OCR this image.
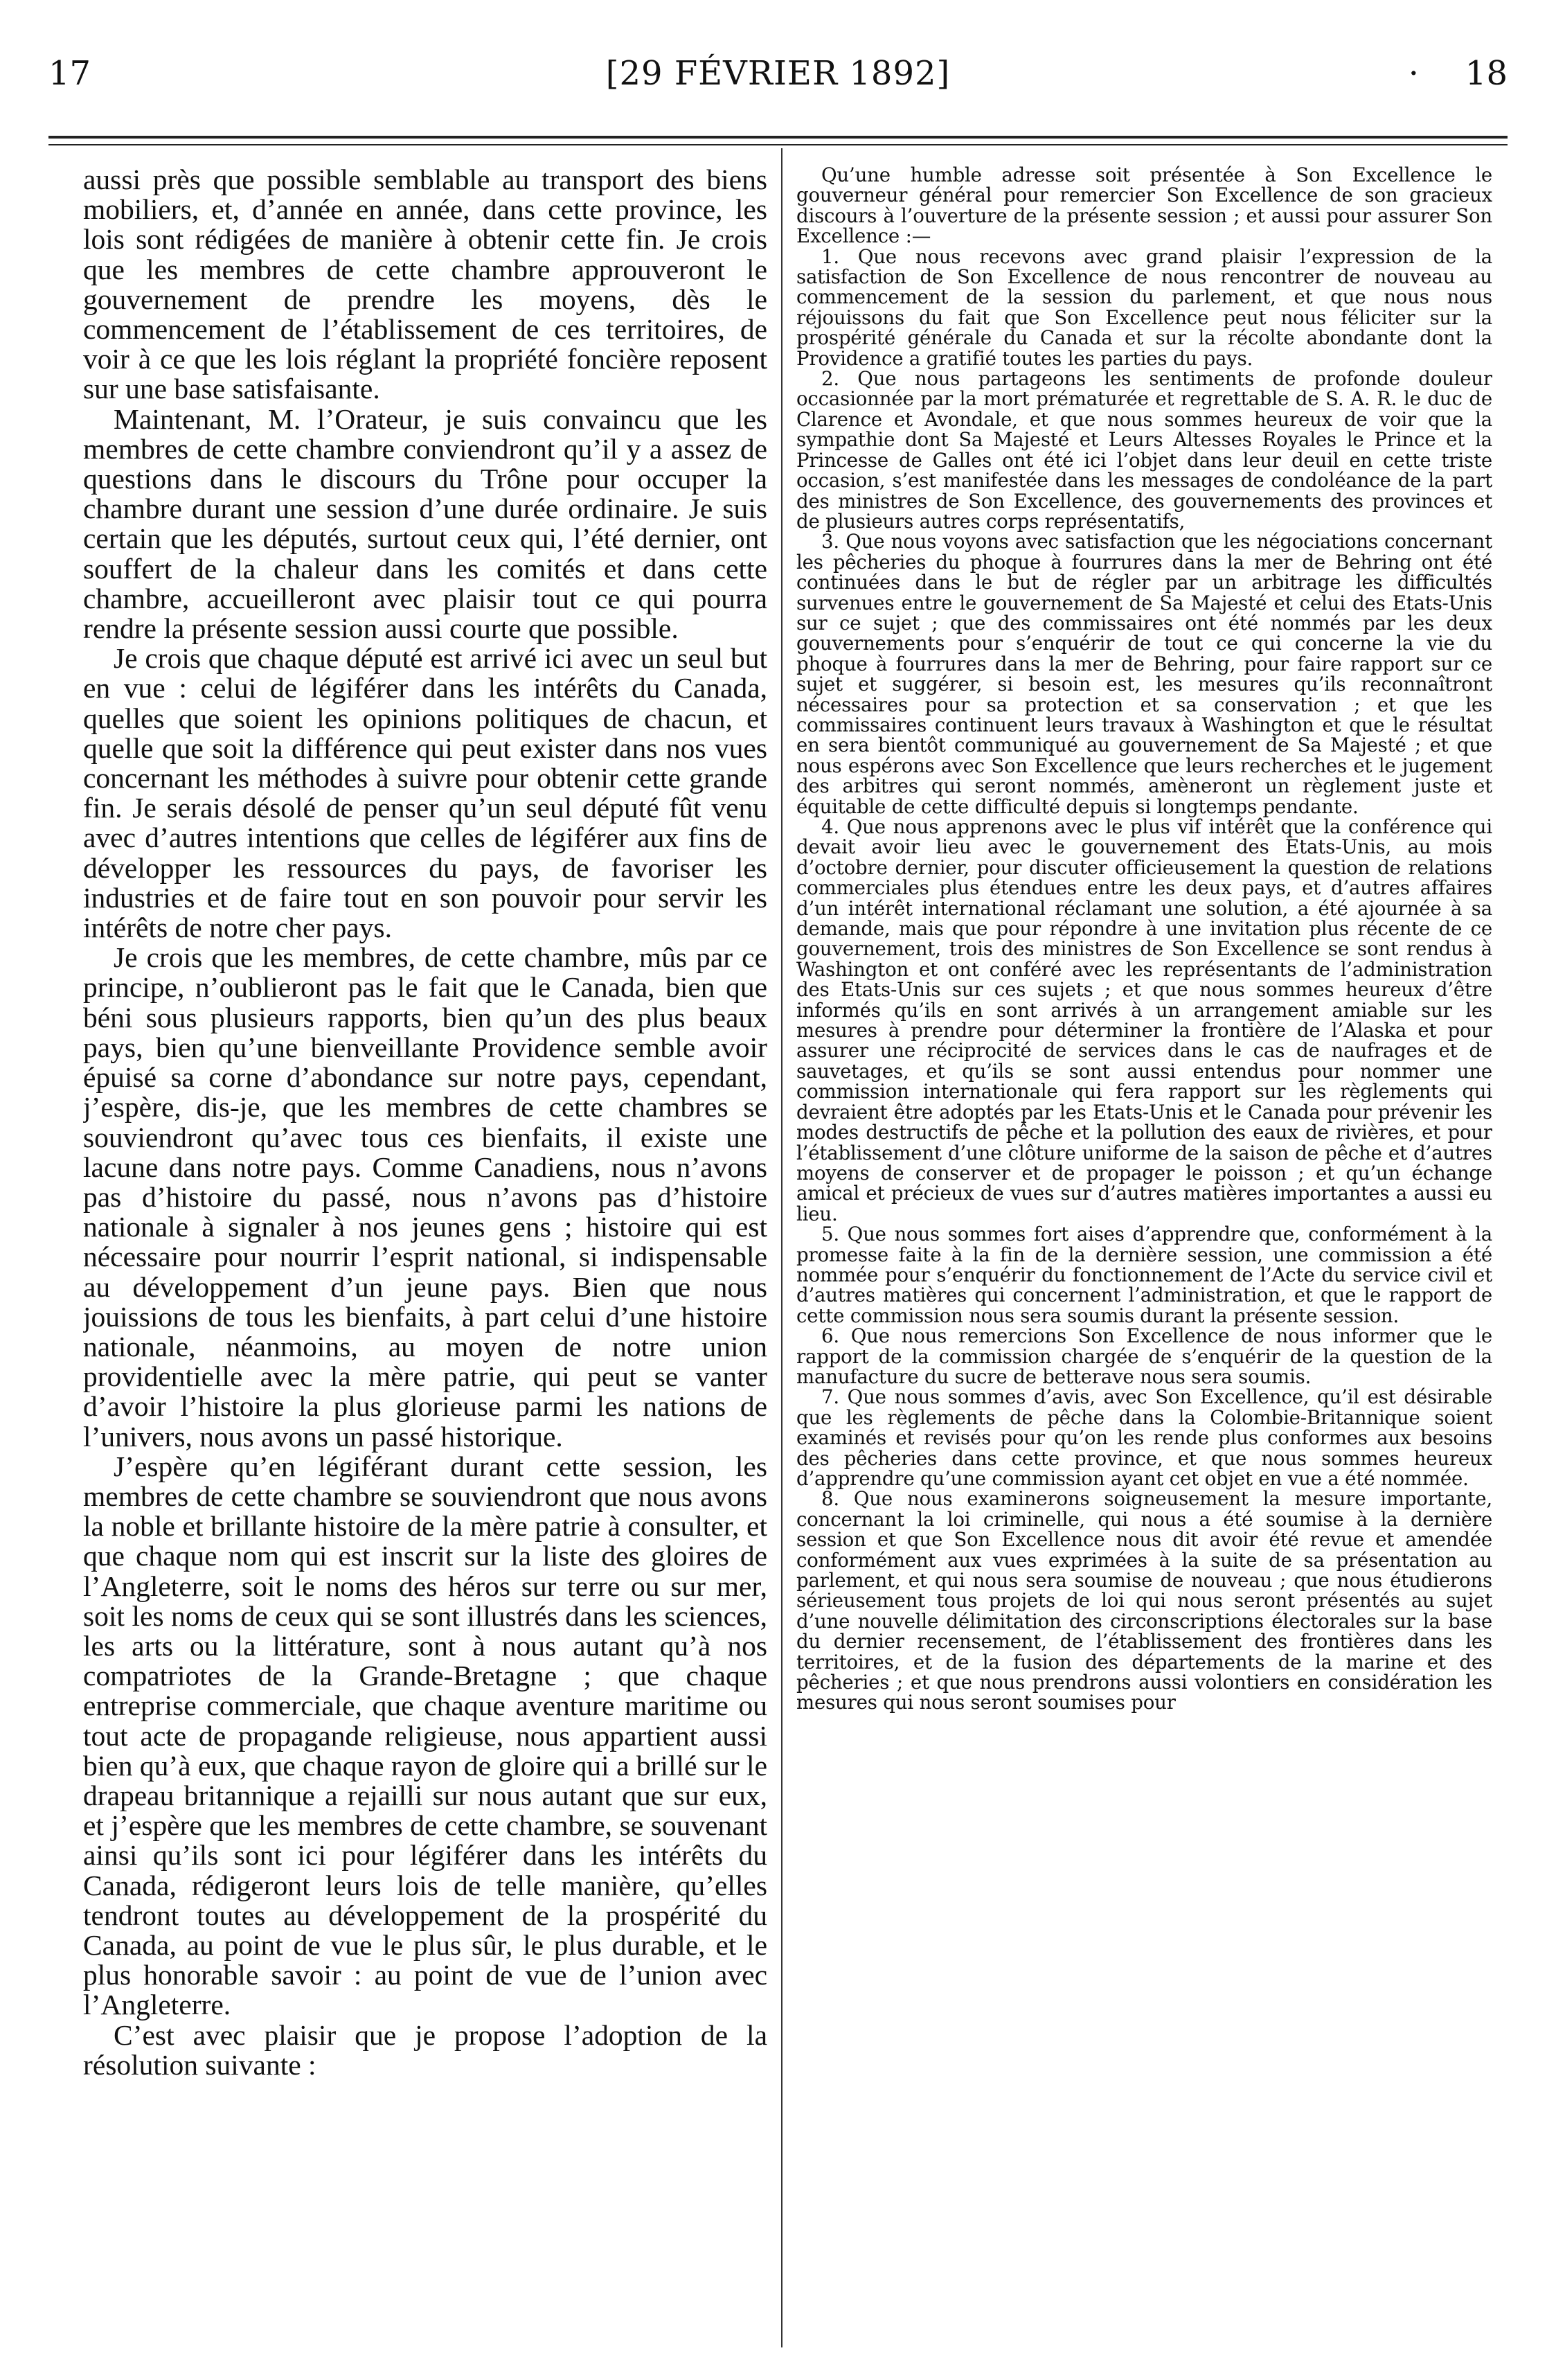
17	[29 FÉVRIER 1892]	· 18

aussi près que possible semblable au transport des biens mobiliers, et, d’année en année, dans cette province, les lois sont rédigées de manière à obtenir cette fin. Je crois que les membres de cette chambre approuveront le gouvernement de prendre les moyens, dès le commencement de l’établissement de ces territoires, de voir à ce que les lois réglant la propriété foncière reposent sur une base satisfaisante.

Maintenant, M. l’Orateur, je suis convaincu que les membres de cette chambre conviendront qu’il y a assez de questions dans le discours du Trône pour occuper la chambre durant une session d’une durée ordinaire. Je suis certain que les députés, surtout ceux qui, l’été dernier, ont souffert de la chaleur dans les comités et dans cette chambre, accueilleront avec plaisir tout ce qui pourra rendre la présente session aussi courte que possible.

Je crois que chaque député est arrivé ici avec un seul but en vue : celui de légiférer dans les intérêts du Canada, quelles que soient les opinions politiques de chacun, et quelle que soit la différence qui peut exister dans nos vues concernant les méthodes à suivre pour obtenir cette grande fin. Je serais désolé de penser qu’un seul député fût venu avec d’autres intentions que celles de légiférer aux fins de développer les ressources du pays, de favoriser les industries et de faire tout en son pouvoir pour servir les intérêts de notre cher pays.

Je crois que les membres, de cette chambre, mûs par ce principe, n’oublieront pas le fait que le Canada, bien que béni sous plusieurs rapports, bien qu’un des plus beaux pays, bien qu’une bienveillante Providence semble avoir épuisé sa corne d’abondance sur notre pays, cependant, j’espère, dis-je, que les membres de cette chambres se souviendront qu’avec tous ces bienfaits, il existe une lacune dans notre pays. Comme Canadiens, nous n’avons pas d’histoire du passé, nous n’avons pas d’histoire nationale à signaler à nos jeunes gens ; histoire qui est nécessaire pour nourrir l’esprit national, si indispensable au développement d’un jeune pays. Bien que nous jouissions de tous les bienfaits, à part celui d’une histoire nationale, néanmoins, au moyen de notre union providentielle avec la mère patrie, qui peut se vanter d’avoir l’histoire la plus glorieuse parmi les nations de l’univers, nous avons un passé historique.

J’espère qu’en légiférant durant cette session, les membres de cette chambre se souviendront que nous avons la noble et brillante histoire de la mère patrie à consulter, et que chaque nom qui est inscrit sur la liste des gloires de l’Angleterre, soit le noms des héros sur terre ou sur mer, soit les noms de ceux qui se sont illustrés dans les sciences, les arts ou la littérature, sont à nous autant qu’à nos compatriotes de la Grande-Bretagne ; que chaque entreprise commerciale, que chaque aventure maritime ou tout acte de propagande religieuse, nous appartient aussi bien qu’à eux, que chaque rayon de gloire qui a brillé sur le drapeau britannique a rejailli sur nous autant que sur eux, et j’espère que les membres de cette chambre, se souvenant ainsi qu’ils sont ici pour légiférer dans les intérêts du Canada, rédigeront leurs lois de telle manière, qu’elles tendront toutes au développement de la prospérité du Canada, au point de vue le plus sûr, le plus durable, et le plus honorable savoir : au point de vue de l’union avec l’Angleterre.

C’est avec plaisir que je propose l’adoption de la résolution suivante :

Qu’une humble adresse soit présentée à Son Excellence le gouverneur général pour remercier Son Excellence de son gracieux discours à l’ouverture de la présente session ; et aussi pour assurer Son Excellence :—

1. Que nous recevons avec grand plaisir l’expression de la satisfaction de Son Excellence de nous rencontrer de nouveau au commencement de la session du parlement, et que nous nous réjouissons du fait que Son Excellence peut nous féliciter sur la prospérité générale du Canada et sur la récolte abondante dont la Providence a gratifié toutes les parties du pays.

2. Que nous partageons les sentiments de profonde douleur occasionnée par la mort prématurée et regrettable de S. A. R. le duc de Clarence et Avondale, et que nous sommes heureux de voir que la sympathie dont Sa Majesté et Leurs Altesses Royales le Prince et la Princesse de Galles ont été ici l’objet dans leur deuil en cette triste occasion, s’est manifestée dans les messages de condoléance de la part des ministres de Son Excellence, des gouvernements des provinces et de plusieurs autres corps représentatifs,

3. Que nous voyons avec satisfaction que les négociations concernant les pêcheries du phoque à fourrures dans la mer de Behring ont été continuées dans le but de régler par un arbitrage les difficultés survenues entre le gouvernement de Sa Majesté et celui des Etats-Unis sur ce sujet ; que des commissaires ont été nommés par les deux gouvernements pour s’enquérir de tout ce qui concerne la vie du phoque à fourrures dans la mer de Behring, pour faire rapport sur ce sujet et suggérer, si besoin est, les mesures qu’ils reconnaîtront nécessaires pour sa protection et sa conservation ; et que les commissaires continuent leurs travaux à Washington et que le résultat en sera bientôt communiqué au gouvernement de Sa Majesté ; et que nous espérons avec Son Excellence que leurs recherches et le jugement des arbitres qui seront nommés, amèneront un règlement juste et équitable de cette difficulté depuis si longtemps pendante.

4. Que nous apprenons avec le plus vif intérêt que la conférence qui devait avoir lieu avec le gouvernement des Etats-Unis, au mois d’octobre dernier, pour discuter officieusement la question de relations commerciales plus étendues entre les deux pays, et d’autres affaires d’un intérêt international réclamant une solution, a été ajournée à sa demande, mais que pour répondre à une invitation plus récente de ce gouvernement, trois des ministres de Son Excellence se sont rendus à Washington et ont conféré avec les représentants de l’administration des Etats-Unis sur ces sujets ; et que nous sommes heureux d’être informés qu’ils en sont arrivés à un arrangement amiable sur les mesures à prendre pour déterminer la frontière de l’Alaska et pour assurer une réciprocité de services dans le cas de naufrages et de sauvetages, et qu’ils se sont aussi entendus pour nommer une commission internationale qui fera rapport sur les règlements qui devraient être adoptés par les Etats-Unis et le Canada pour prévenir les modes destructifs de pêche et la pollution des eaux de rivières, et pour l’établissement d’une clôture uniforme de la saison de pêche et d’autres moyens de conserver et de propager le poisson ; et qu’un échange amical et précieux de vues sur d’autres matières importantes a aussi eu lieu.

5. Que nous sommes fort aises d’apprendre que, conformément à la promesse faite à la fin de la dernière session, une commission a été nommée pour s’enquérir du fonctionnement de l’Acte du service civil et d’autres matières qui concernent l’administration, et que le rapport de cette commission nous sera soumis durant la présente session.

6. Que nous remercions Son Excellence de nous informer que le rapport de la commission chargée de s’enquérir de la question de la manufacture du sucre de betterave nous sera soumis.

7. Que nous sommes d’avis, avec Son Excellence, qu’il est désirable que les règlements de pêche dans la Colombie-Britannique soient examinés et revisés pour qu’on les rende plus conformes aux besoins des pêcheries dans cette province, et que nous sommes heureux d’apprendre qu’une commission ayant cet objet en vue a été nommée.

8. Que nous examinerons soigneusement la mesure importante, concernant la loi criminelle, qui nous a été soumise à la dernière session et que Son Excellence nous dit avoir été revue et amendée conformément aux vues exprimées à la suite de sa présentation au parlement, et qui nous sera soumise de nouveau ; que nous étudierons sérieusement tous projets de loi qui nous seront présentés au sujet d’une nouvelle délimitation des circonscriptions électorales sur la base du dernier recensement, de l’établissement des frontières dans les territoires, et de la fusion des départements de la marine et des pêcheries ; et que nous prendrons aussi volontiers en considération les mesures qui nous seront soumises pour
